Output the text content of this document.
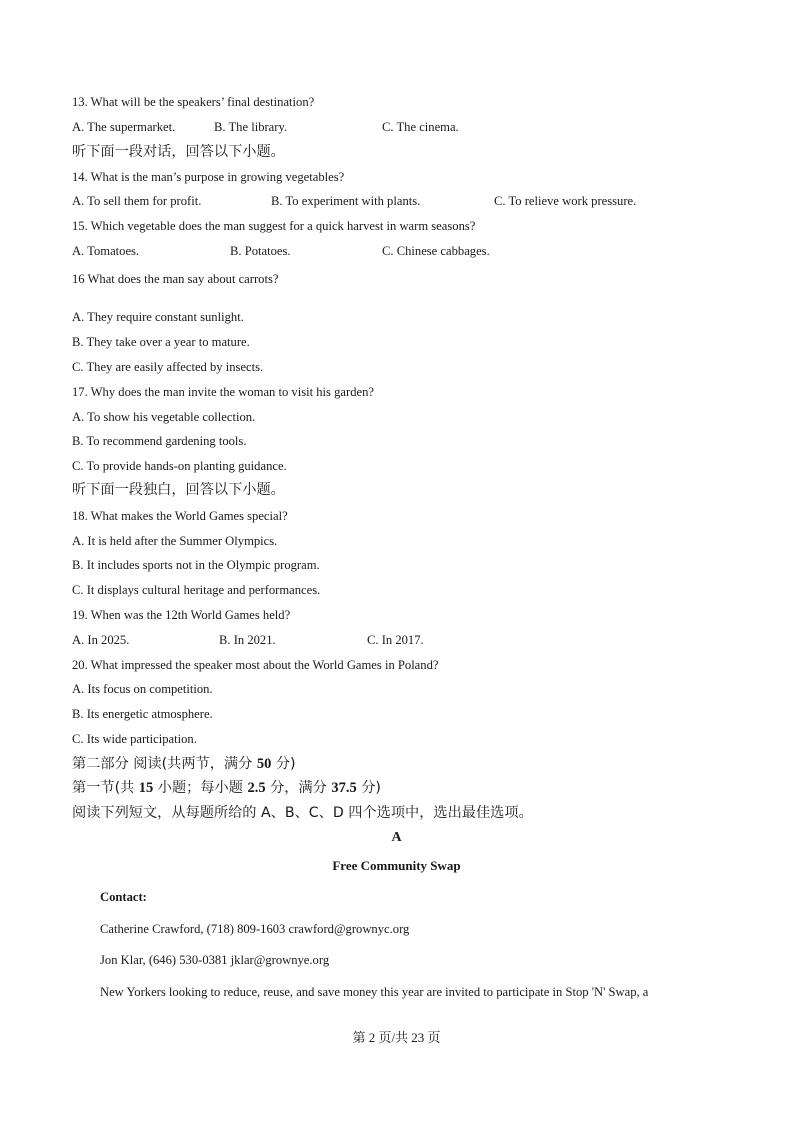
13. What will be the speakers’ final destination?
A. The supermarket.	B. The library.	C. The cinema.
听下面一段对话，回答以下小题。
14. What is the man’s purpose in growing vegetables?
A. To sell them for profit.	B. To experiment with plants.	C. To relieve work pressure.
15. Which vegetable does the man suggest for a quick harvest in warm seasons?
A. Tomatoes.	B. Potatoes.	C. Chinese cabbages.
16 What does the man say about carrots?
A. They require constant sunlight.
B. They take over a year to mature.
C. They are easily affected by insects.
17. Why does the man invite the woman to visit his garden?
A. To show his vegetable collection.
B. To recommend gardening tools.
C. To provide hands-on planting guidance.
听下面一段独白，回答以下小题。
18. What makes the World Games special?
A. It is held after the Summer Olympics.
B. It includes sports not in the Olympic program.
C. It displays cultural heritage and performances.
19. When was the 12th World Games held?
A. In 2025.	B. In 2021.	C. In 2017.
20. What impressed the speaker most about the World Games in Poland?
A. Its focus on competition.
B. Its energetic atmosphere.
C. Its wide participation.
第二部分 阅读(共两节，满分 50 分)
第一节(共 15 小题；每小题 2.5 分，满分 37.5 分)
阅读下列短文，从每题所给的 A、B、C、D 四个选项中，选出最佳选项。
A
Free Community Swap
Contact:
Catherine Crawford, (718) 809-1603 crawford@grownyc.org
Jon Klar, (646) 530-0381 jklar@grownye.org
New Yorkers looking to reduce, reuse, and save money this year are invited to participate in Stop 'N' Swap, a
第 2 页/共 23 页
